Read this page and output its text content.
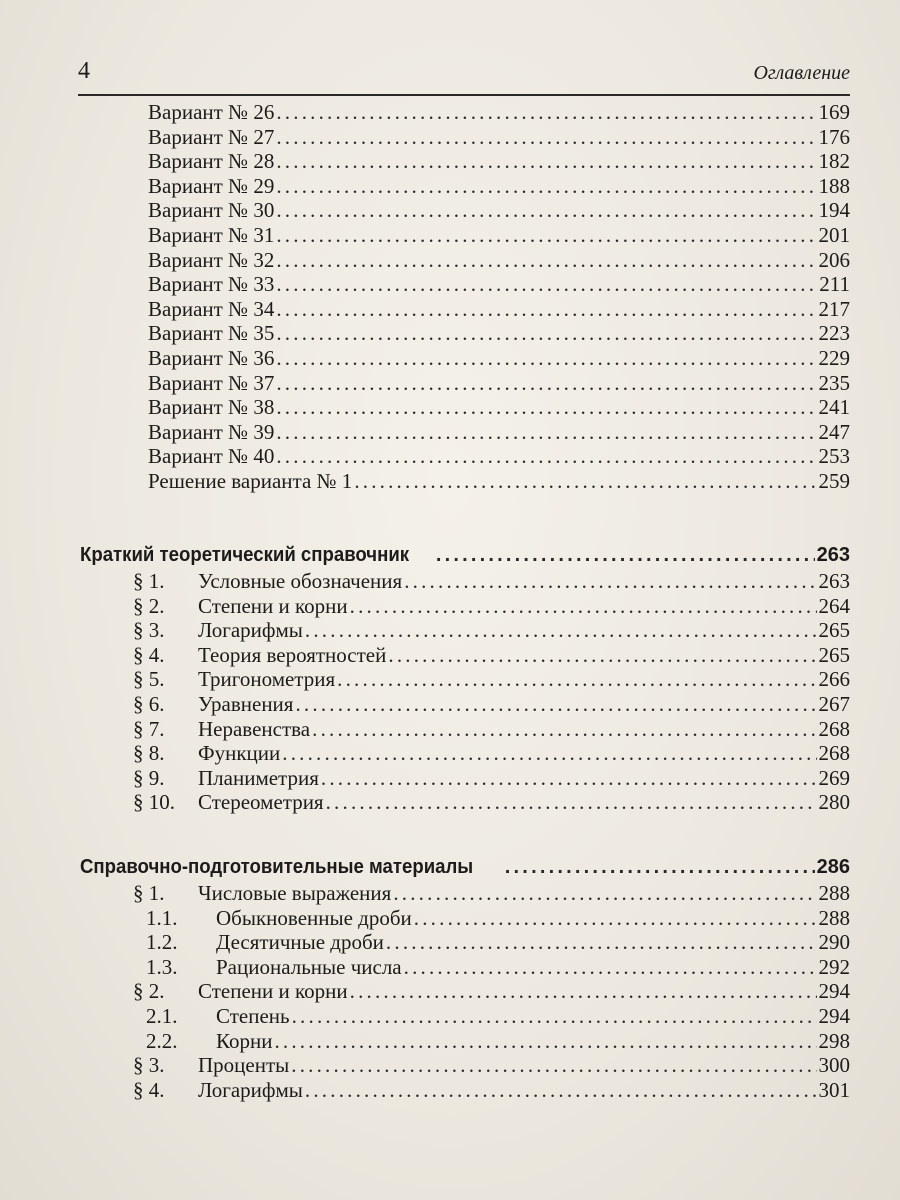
4	Оглавление
Вариант № 26 .....	169
Вариант № 27 .....	176
Вариант № 28 .....	182
Вариант № 29 .....	188
Вариант № 30 .....	194
Вариант № 31 .....	201
Вариант № 32 .....	206
Вариант № 33 .....	211
Вариант № 34 .....	217
Вариант № 35 .....	223
Вариант № 36 .....	229
Вариант № 37 .....	235
Вариант № 38 .....	241
Вариант № 39 .....	247
Вариант № 40 .....	253
Решение варианта № 1 .....	259
Краткий теоретический справочник .....	263
§ 1.	Условные обозначения .....	263
§ 2.	Степени и корни .....	264
§ 3.	Логарифмы .....	265
§ 4.	Теория вероятностей .....	265
§ 5.	Тригонометрия .....	266
§ 6.	Уравнения .....	267
§ 7.	Неравенства .....	268
§ 8.	Функции .....	268
§ 9.	Планиметрия .....	269
§ 10.	Стереометрия .....	280
Справочно-подготовительные материалы .....	286
§ 1.	Числовые выражения .....	288
1.1.	Обыкновенные дроби .....	288
1.2.	Десятичные дроби .....	290
1.3.	Рациональные числа .....	292
§ 2.	Степени и корни .....	294
2.1.	Степень .....	294
2.2.	Корни .....	298
§ 3.	Проценты .....	300
§ 4.	Логарифмы .....	301
